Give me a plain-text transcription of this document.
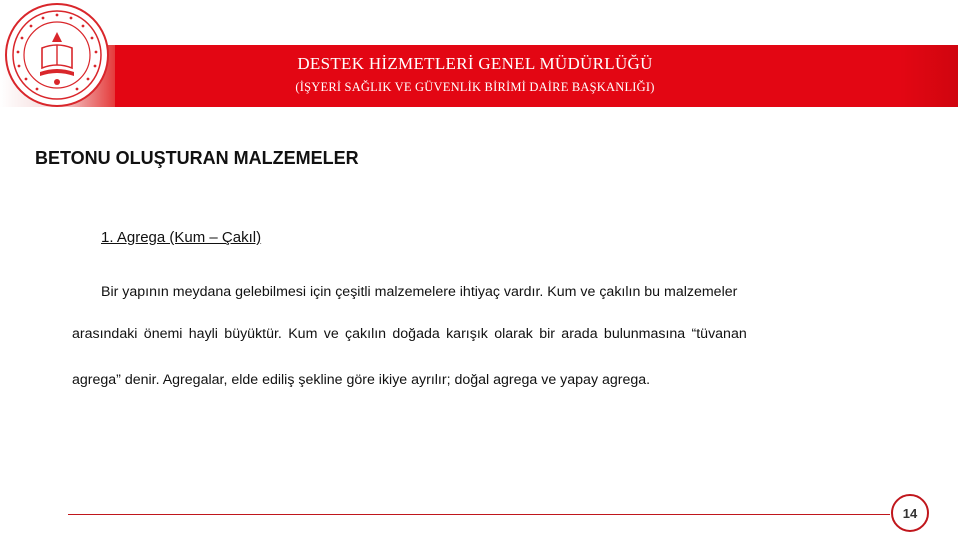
DESTEK HİZMETLERİ GENEL MÜDÜRLÜĞÜ
(İŞYERİ SAĞLIK VE GÜVENLİK BİRİMİ DAİRE BAŞKANLIĞI)
BETONU OLUŞTURAN MALZEMELER
1. Agrega (Kum – Çakıl)
Bir yapının meydana gelebilmesi için çeşitli malzemelere ihtiyaç vardır. Kum ve çakılın bu malzemeler
arasındaki önemi hayli büyüktür. Kum ve çakılın doğada karışık olarak bir arada bulunmasına “tüvanan
agrega” denir. Agregalar, elde ediliş şekline göre ikiye ayrılır; doğal agrega ve yapay agrega.
14
